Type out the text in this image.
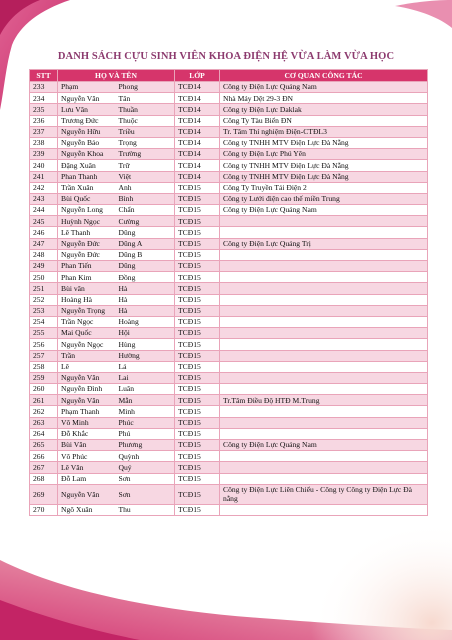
DANH SÁCH CỰU SINH VIÊN KHOA ĐIỆN HỆ VỪA LÀM VỪA HỌC
STT	HỌ VÀ TÊN		LỚP	CƠ QUAN CÔNG TÁC
233	Phạm	Phong	TCĐ14	Công ty Điện Lực Quảng Nam
234	Nguyễn Văn	Tân	TCĐ14	Nhà Máy Dệt 29-3 ĐN
235	Lưu Văn	Thuần	TCĐ14	Công ty Điện Lực Daklak
236	Trương Đức	Thuộc	TCĐ14	Công Ty Tàu Biển ĐN
237	Nguyễn Hữu	Triều	TCĐ14	Tr. Tâm Thí nghiệm Điện-CTĐL3
238	Nguyễn Bảo	Trọng	TCĐ14	Công ty TNHH MTV Điện Lực Đà Nẵng
239	Nguyễn Khoa	Trường	TCĐ14	Công ty Điện Lực Phú Yên
240	Đặng Xuân	Trữ	TCĐ14	Công ty TNHH MTV Điện Lực Đà Nẵng
241	Phan Thanh	Việt	TCĐ14	Công ty TNHH MTV Điện Lực Đà Nẵng
242	Trần Xuân	Anh	TCĐ15	Công Ty Truyền Tải Điện 2
243	Bùi Quốc	Bình	TCĐ15	Công ty Lưới điện cao thế miền Trung
244	Nguyễn Long	Chẩn	TCĐ15	Công ty Điện Lực Quảng Nam
245	Huỳnh Ngọc	Cường	TCĐ15	
246	Lê Thanh	Dũng	TCĐ15	
247	Nguyễn Đức	Dũng A	TCĐ15	Công ty Điện Lực Quảng Trị
248	Nguyễn Đức	Dũng B	TCĐ15	
249	Phan Tiến	Dũng	TCĐ15	
250	Phan Kim	Đồng	TCĐ15	
251	Bùi văn	Hà	TCĐ15	
252	Hoàng Hà	Hà	TCĐ15	
253	Nguyễn Trọng	Hà	TCĐ15	
254	Trần Ngọc	Hoàng	TCĐ15	
255	Mai Quốc	Hội	TCĐ15	
256	Nguyễn Ngọc	Hùng	TCĐ15	
257	Trần	Hường	TCĐ15	
258	Lê	Lả	TCĐ15	
259	Nguyễn Văn	Lai	TCĐ15	
260	Nguyễn Đình	Luân	TCĐ15	
261	Nguyễn Văn	Mẫn	TCĐ15	Tr.Tâm Điều Độ HTĐ M.Trung
262	Phạm Thanh	Minh	TCĐ15	
263	Võ Minh	Phúc	TCĐ15	
264	Đỗ Khắc	Phú	TCĐ15	
265	Bùi Văn	Phương	TCĐ15	Công ty Điện Lực Quảng Nam
266	Võ Phúc	Quỳnh	TCĐ15	
267	Lê Văn	Quý	TCĐ15	
268	Đỗ Lam	Sơn	TCĐ15	
269	Nguyễn Văn	Sơn	TCĐ15	Công ty Điện Lực Liên Chiểu - Công ty Công ty Điện Lực Đà nẵng
270	Ngô Xuân	Thu	TCĐ15	
